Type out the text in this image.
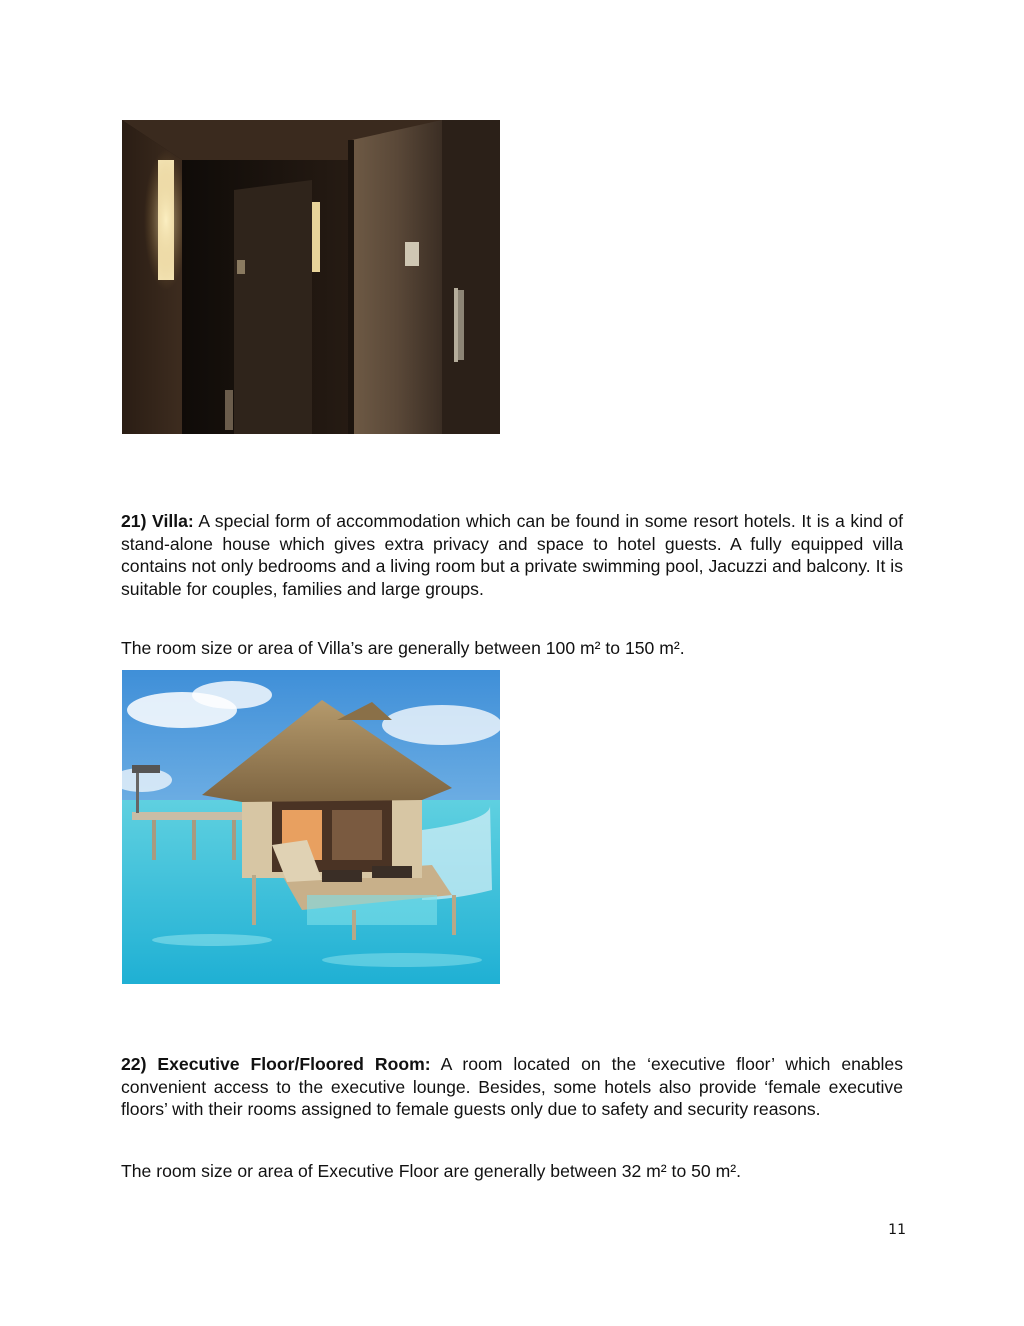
21) Villa: A special form of accommodation which can be found in some resort hotels. It is a kind of stand-alone house which gives extra privacy and space to hotel guests. A fully equipped villa contains not only bedrooms and a living room but a private swimming pool, Jacuzzi and balcony. It is suitable for couples, families and large groups.

The room size or area of Villa’s are generally between 100 m² to 150 m².

22) Executive Floor/Floored Room: A room located on the ‘executive floor’ which enables convenient access to the executive lounge. Besides, some hotels also provide ‘female executive floors’ with their rooms assigned to female guests only due to safety and security reasons.

The room size or area of Executive Floor are generally between 32 m² to 50 m².

11
